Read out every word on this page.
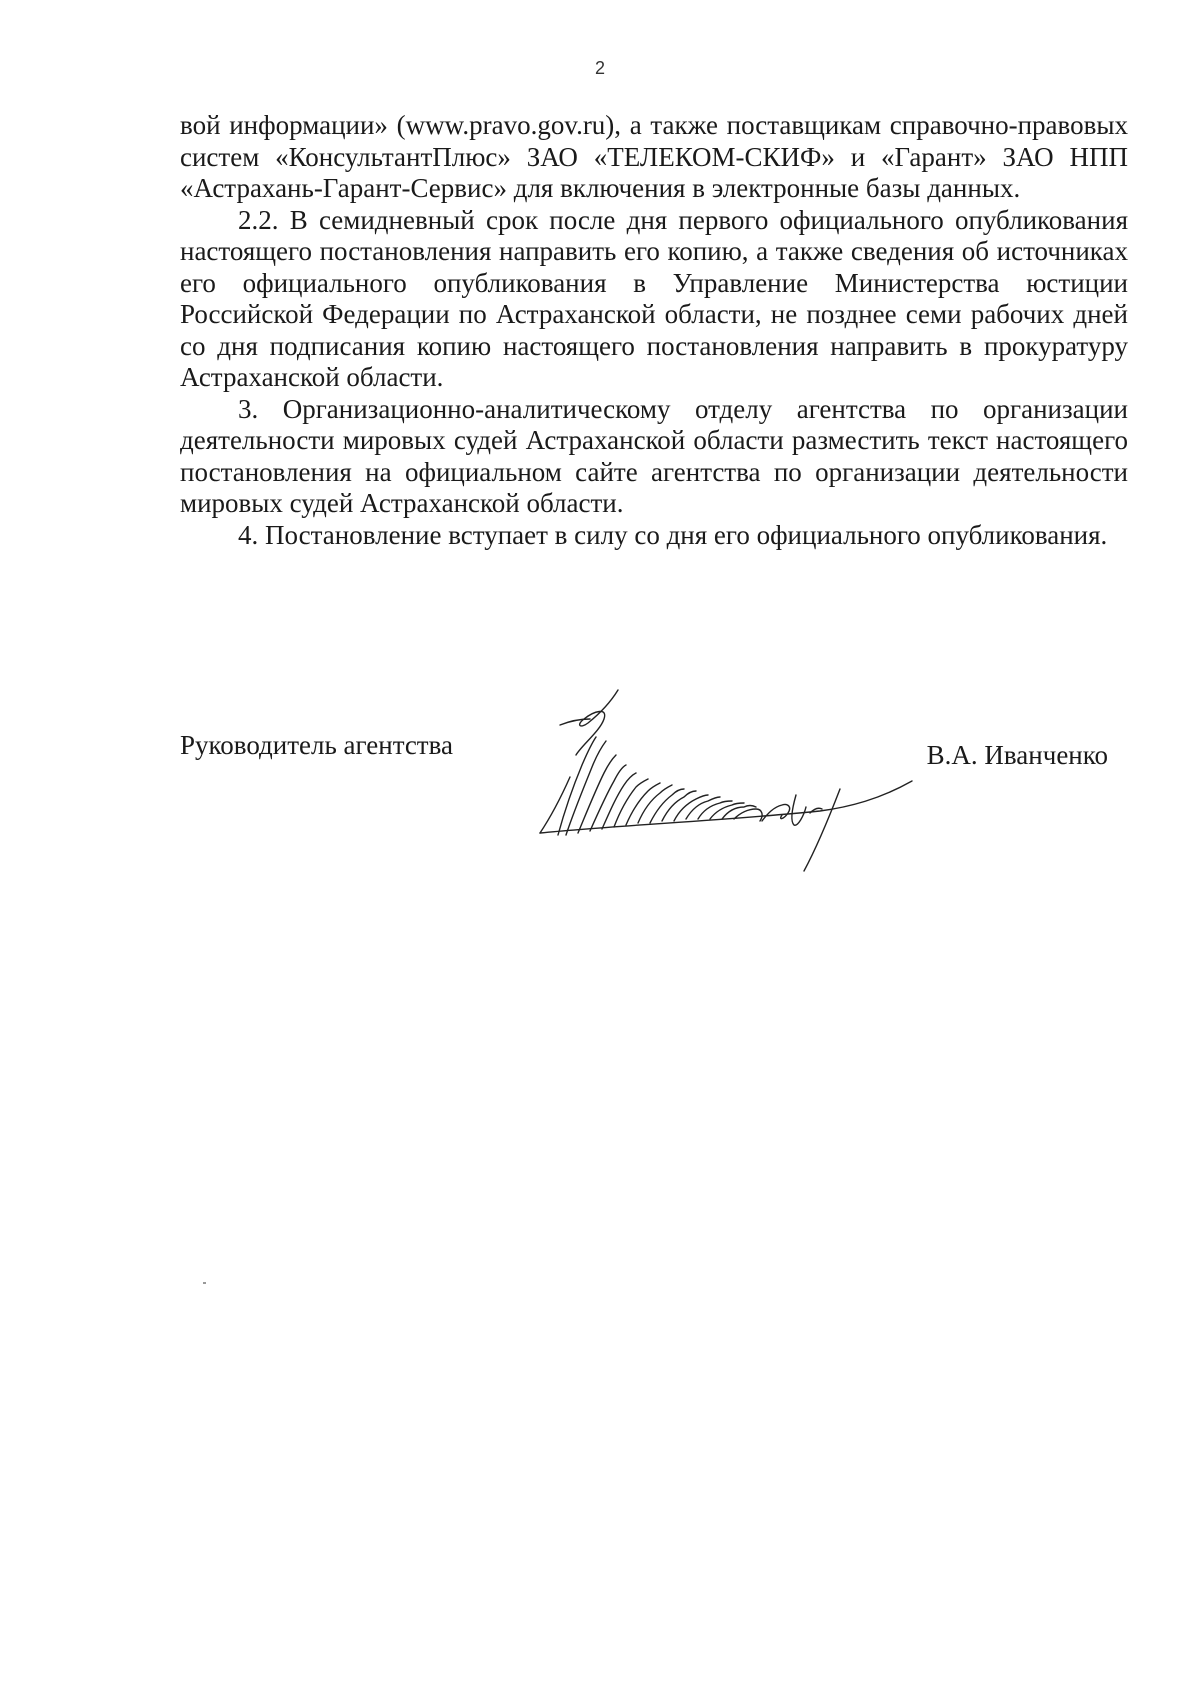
2

вой информации» (www.pravo.gov.ru), а также поставщикам справочно-правовых систем «КонсультантПлюс» ЗАО «ТЕЛЕКОМ-СКИФ» и «Гарант» ЗАО НПП «Астрахань-Гарант-Сервис» для включения в электронные базы данных.

2.2. В семидневный срок после дня первого официального опубликования настоящего постановления направить его копию, а также сведения об источниках его официального опубликования в Управление Министерства юстиции Российской Федерации по Астраханской области, не позднее семи рабочих дней со дня подписания копию настоящего постановления направить в прокуратуру Астраханской области.

3. Организационно-аналитическому отделу агентства по организации деятельности мировых судей Астраханской области разместить текст настоящего постановления на официальном сайте агентства по организации деятельности мировых судей Астраханской области.

4. Постановление вступает в силу со дня его официального опубликования.

Руководитель агентства	В.А. Иванченко
